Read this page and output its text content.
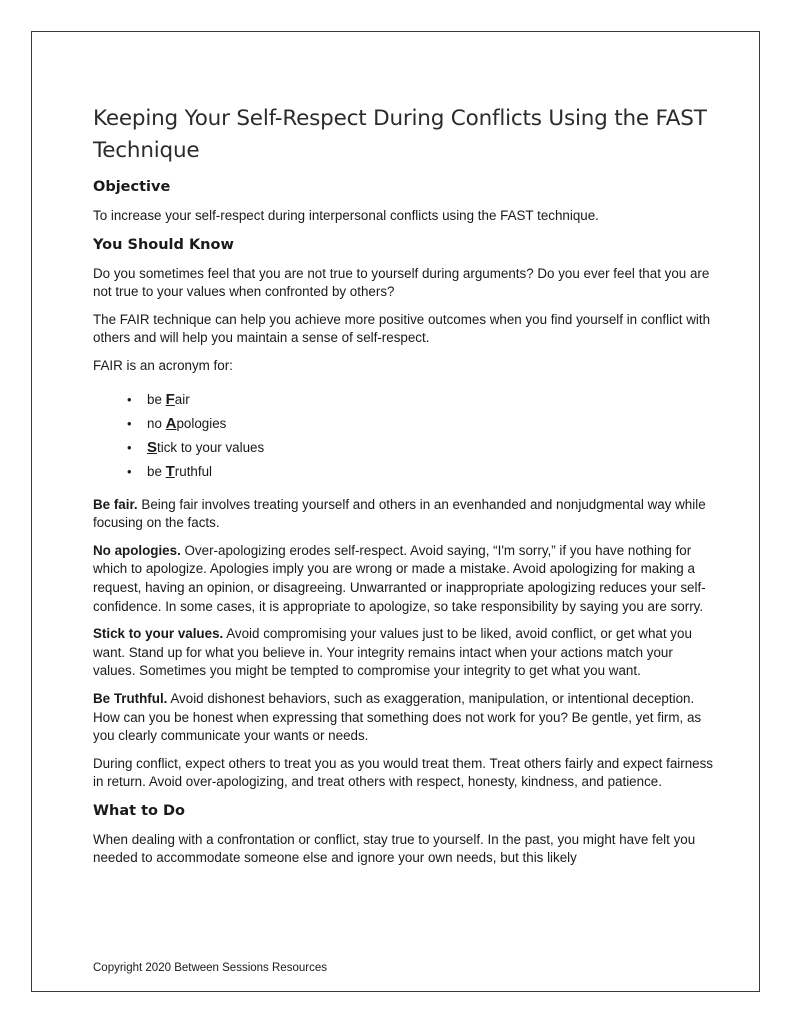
Keeping Your Self-Respect During Conflicts Using the FAST Technique
Objective

To increase your self-respect during interpersonal conflicts using the FAST technique.

You Should Know

Do you sometimes feel that you are not true to yourself during arguments? Do you ever feel that you are not true to your values when confronted by others?

The FAIR technique can help you achieve more positive outcomes when you find yourself in conflict with others and will help you maintain a sense of self-respect.

FAIR is an acronym for:

• be Fair
• no Apologies
• Stick to your values
• be Truthful

Be fair. Being fair involves treating yourself and others in an evenhanded and nonjudgmental way while focusing on the facts.

No apologies. Over-apologizing erodes self-respect. Avoid saying, “I'm sorry,” if you have nothing for which to apologize. Apologies imply you are wrong or made a mistake. Avoid apologizing for making a request, having an opinion, or disagreeing. Unwarranted or inappropriate apologizing reduces your self-confidence. In some cases, it is appropriate to apologize, so take responsibility by saying you are sorry.

Stick to your values. Avoid compromising your values just to be liked, avoid conflict, or get what you want. Stand up for what you believe in. Your integrity remains intact when your actions match your values. Sometimes you might be tempted to compromise your integrity to get what you want.

Be Truthful. Avoid dishonest behaviors, such as exaggeration, manipulation, or intentional deception. How can you be honest when expressing that something does not work for you? Be gentle, yet firm, as you clearly communicate your wants or needs.

During conflict, expect others to treat you as you would treat them. Treat others fairly and expect fairness in return. Avoid over-apologizing, and treat others with respect, honesty, kindness, and patience.

What to Do

When dealing with a confrontation or conflict, stay true to yourself. In the past, you might have felt you needed to accommodate someone else and ignore your own needs, but this likely

Copyright 2020 Between Sessions Resources
